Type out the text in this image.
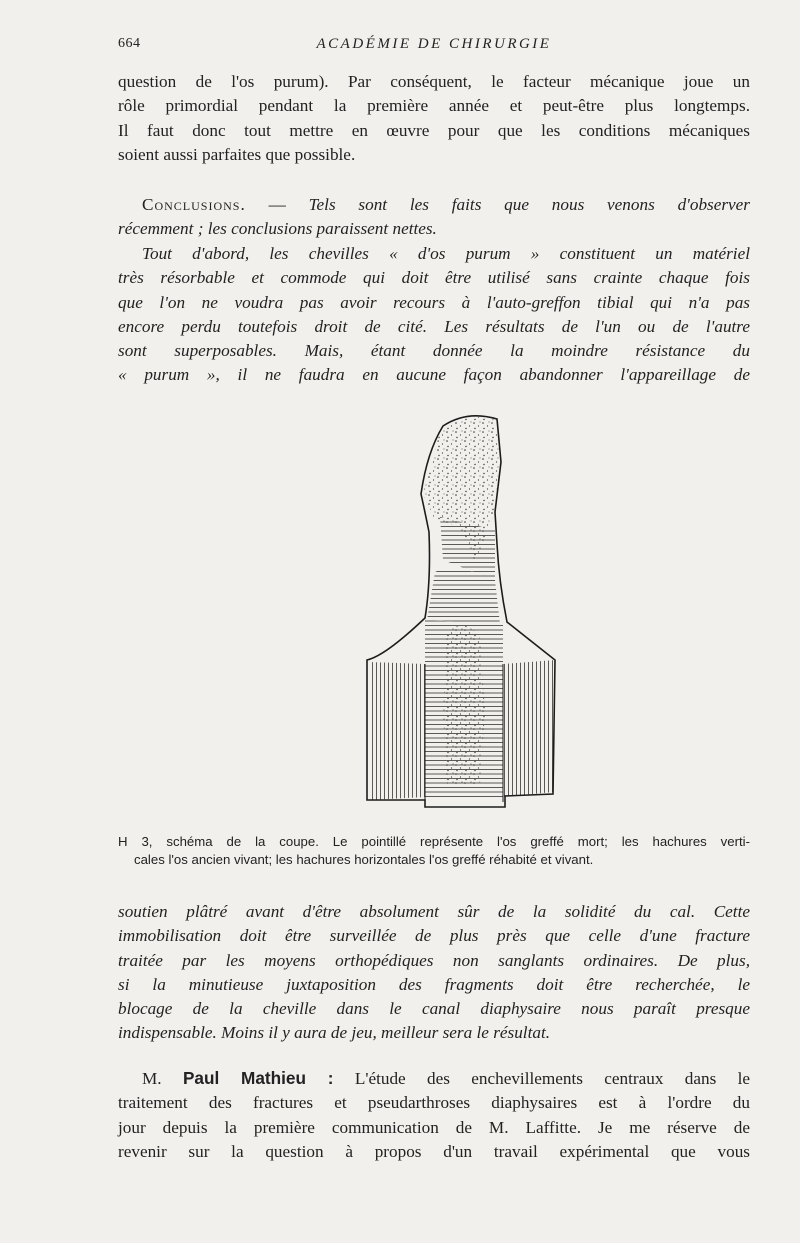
664	ACADÉMIE DE CHIRURGIE

question de l'os purum). Par conséquent, le facteur mécanique joue un
rôle primordial pendant la première année et peut-être plus longtemps.
Il faut donc tout mettre en œuvre pour que les conditions mécaniques
soient aussi parfaites que possible.

Conclusions. — Tels sont les faits que nous venons d'observer
récemment ; les conclusions paraissent nettes.

Tout d'abord, les chevilles « d'os purum » constituent un matériel
très résorbable et commode qui doit être utilisé sans crainte chaque fois
que l'on ne voudra pas avoir recours à l'auto-greffon tibial qui n'a pas
encore perdu toutefois droit de cité. Les résultats de l'un ou de l'autre
sont superposables. Mais, étant donnée la moindre résistance du
« purum », il ne faudra en aucune façon abandonner l'appareillage de

H 3, schéma de la coupe. Le pointillé représente l'os greffé mort; les hachures verti-
cales l'os ancien vivant; les hachures horizontales l'os greffé réhabité et vivant.

soutien plâtré avant d'être absolument sûr de la solidité du cal. Cette
immobilisation doit être surveillée de plus près que celle d'une fracture
traitée par les moyens orthopédiques non sanglants ordinaires. De plus,
si la minutieuse juxtaposition des fragments doit être recherchée, le
blocage de la cheville dans le canal diaphysaire nous paraît presque
indispensable. Moins il y aura de jeu, meilleur sera le résultat.

M. Paul Mathieu : L'étude des enchevillements centraux dans le
traitement des fractures et pseudarthroses diaphysaires est à l'ordre du
jour depuis la première communication de M. Laffitte. Je me réserve de
revenir sur la question à propos d'un travail expérimental que vous
